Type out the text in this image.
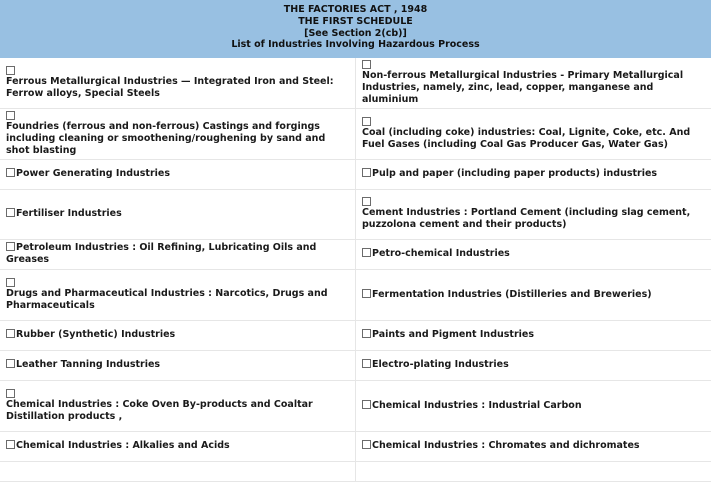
THE FACTORIES ACT , 1948
THE FIRST SCHEDULE
[See Section 2(cb)]
List of Industries Involving Hazardous Process
Ferrous Metallurgical Industries — Integrated Iron and Steel: Ferrow alloys, Special Steels	Non-ferrous Metallurgical Industries - Primary Metallurgical Industries, namely, zinc, lead, copper, manganese and aluminium

Foundries (ferrous and non-ferrous) Castings and forgings including cleaning or smoothening/roughening by sand and shot blasting	Coal (including coke) industries: Coal, Lignite, Coke, etc. And Fuel Gases (including Coal Gas Producer Gas, Water Gas)
Power Generating Industries	Pulp and paper (including paper products) industries
Fertiliser Industries	Cement Industries : Portland Cement (including slag cement, puzzolona cement and their products)
Petroleum Industries : Oil Refining, Lubricating Oils and Greases	Petro-chemical Industries

Drugs and Pharmaceutical Industries : Narcotics, Drugs and Pharmaceuticals	Fermentation Industries (Distilleries and Breweries)
Rubber (Synthetic) Industries	Paints and Pigment Industries
Leather Tanning Industries	Electro-plating Industries

Chemical Industries : Coke Oven By-products and Coaltar Distillation products ,	Chemical Industries : Industrial Carbon
Chemical Industries : Alkalies and Acids	Chemical Industries : Chromates and dichromates
